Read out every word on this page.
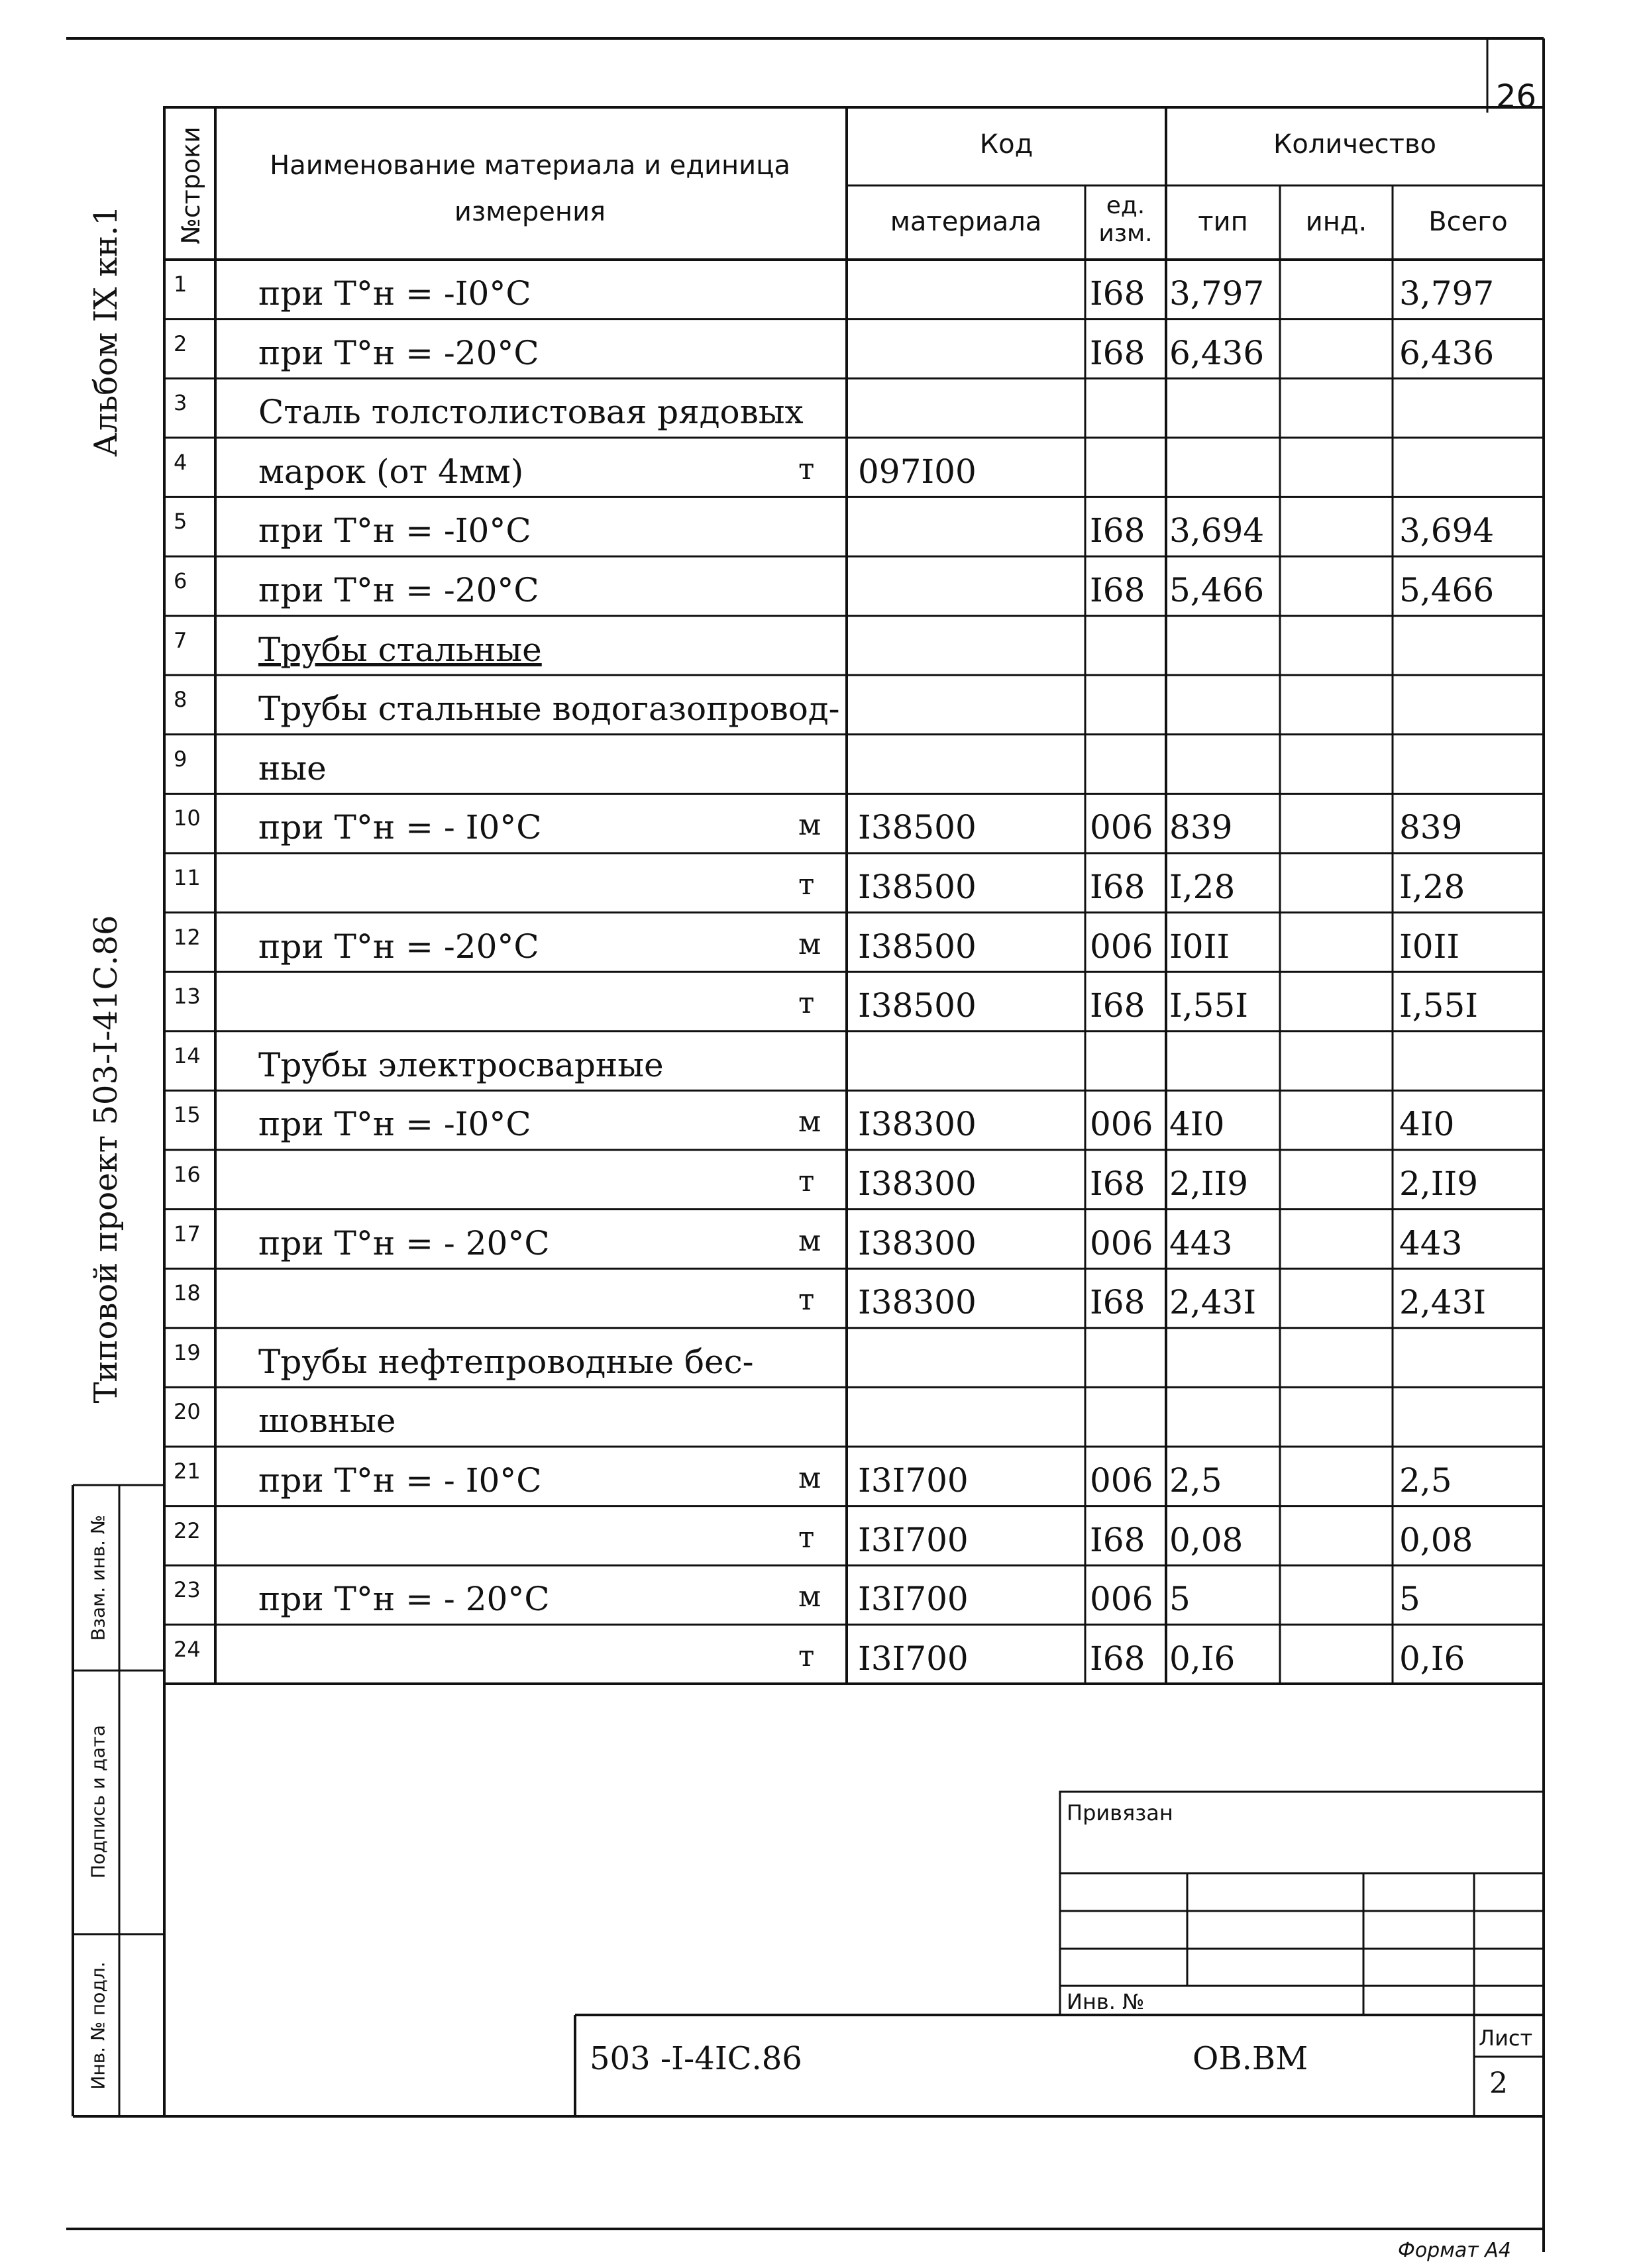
26
Альбом IX кн.1
Типовой проект 503-I-41С.86
№строки Наименование материала и единица измерения
Код
материала
ед. изм.
Количество
тип	инд.	Всего
1 при Т°н = -I0°С	I68 3,797	3,797
2 при Т°н = -20°С	I68 6,436	6,436
3 Сталь толстолистовая рядовых
4 марок (от 4мм)	т 097I00
5 при Т°н = -I0°С	I68 3,694	3,694
6 при Т°н = -20°С	I68 5,466	5,466
7 Трубы стальные
8 Трубы стальные водогазопровод-
9 ные
10 при Т°н = - I0°С	м I38500	006 839	839
11	т I38500	I68 I,28	I,28
12 при Т°н = -20°С	м I38500	006 I0II	I0II
13	т I38500	I68 I,55I	I,55I
14 Трубы электросварные
15 при Т°н = -I0°С	м I38300	006 4I0	4I0
16	т I38300	I68 2,II9	2,II9
17 при Т°н = - 20°С	м I38300	006 443	443
18	т I38300	I68 2,43I	2,43I
19 Трубы нефтепроводные бес-
20 шовные
21 при Т°н = - I0°С	м I3I700	006 2,5	2,5
22	т I3I700	I68 0,08	0,08
23 при Т°н = - 20°С	м I3I700	006 5	5
24	т I3I700	I68 0,I6	0,I6
Взам. инв. №
Подпись и дата
Инв. № подл.
Привязан
Инв. №
503 -I-4IС.86	ОВ.ВМ
Лист
2
Формат А4
